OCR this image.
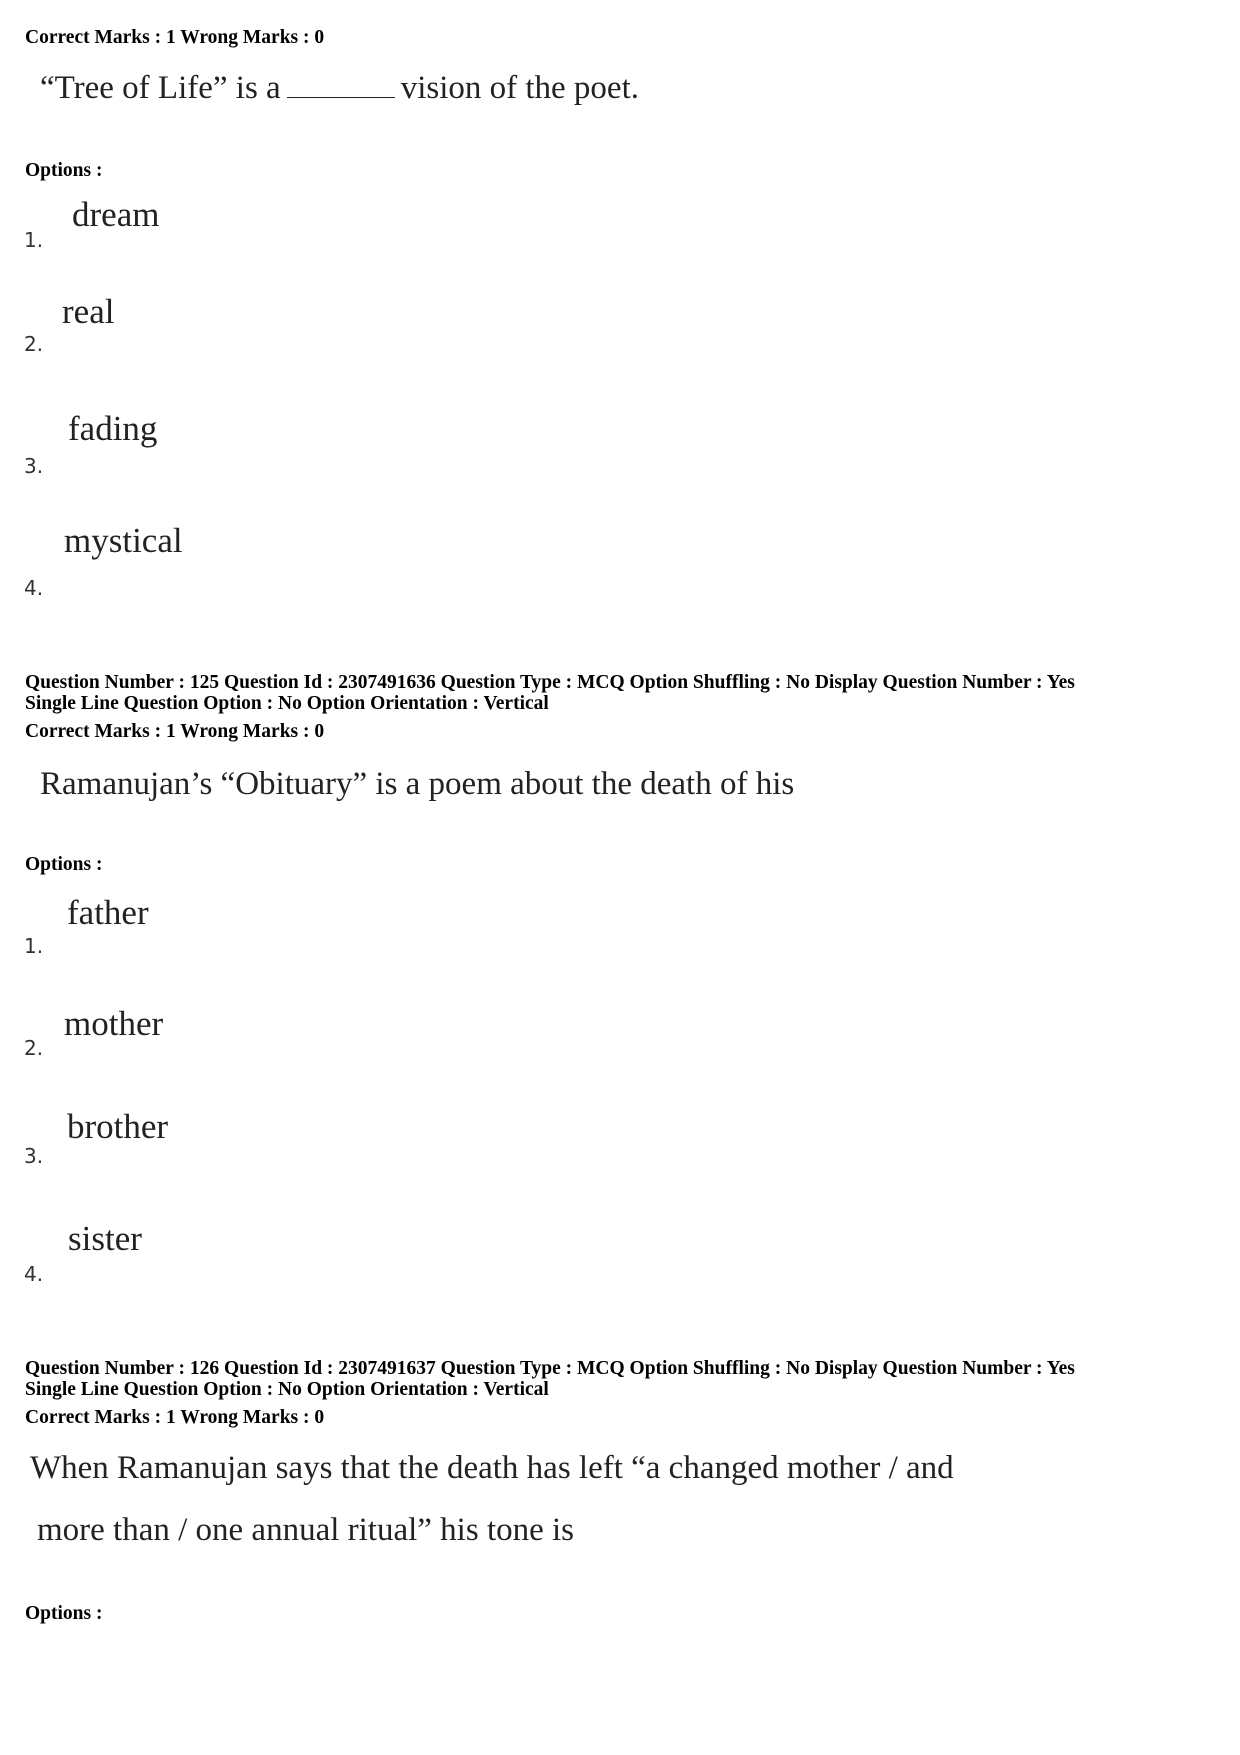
Correct Marks : 1 Wrong Marks : 0
“Tree of Life” is a	vision of the poet.
Options :
1.
dream
2.
real
3.
fading
4.
mystical
Question Number : 125 Question Id : 2307491636 Question Type : MCQ Option Shuffling : No Display Question Number : Yes
Single Line Question Option : No Option Orientation : Vertical
Correct Marks : 1 Wrong Marks : 0
Ramanujan’s “Obituary” is a poem about the death of his
Options :
1.
father
2.
mother
3.
brother
4.
sister
Question Number : 126 Question Id : 2307491637 Question Type : MCQ Option Shuffling : No Display Question Number : Yes
Single Line Question Option : No Option Orientation : Vertical
Correct Marks : 1 Wrong Marks : 0
When Ramanujan says that the death has left “a changed mother / and
more than / one annual ritual” his tone is
Options :
